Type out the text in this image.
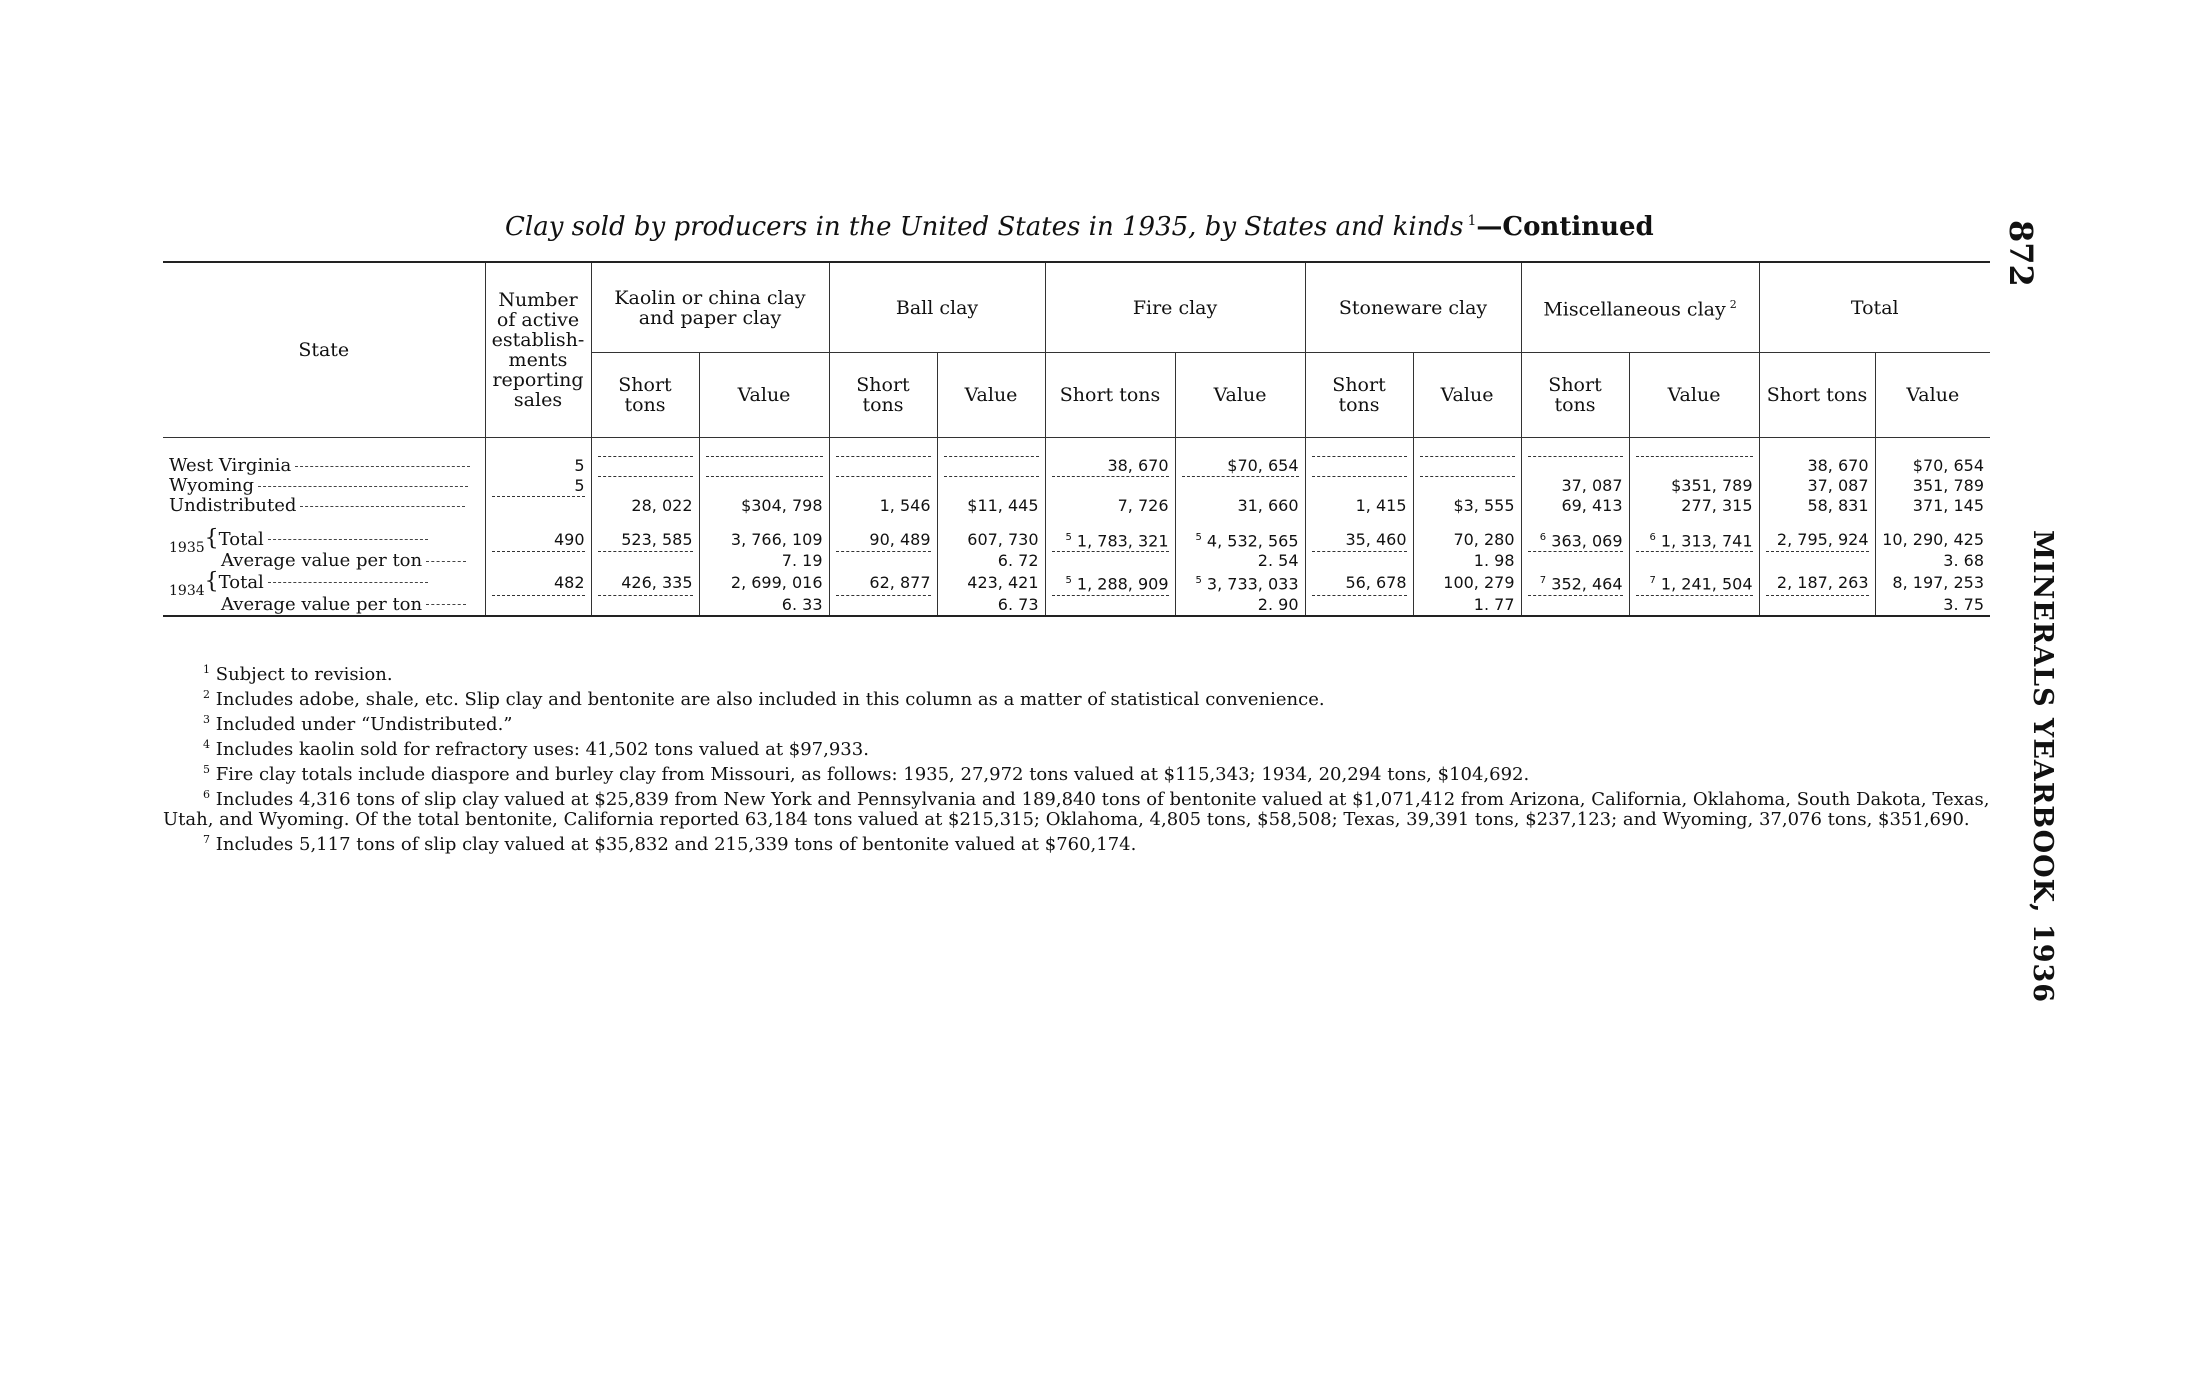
Clay sold by producers in the United States in 1935, by States and kinds $^1$—Continued	872
MINERALS YEARBOOK, 1936
State	Number of active establish-ments reporting sales	Kaolin or china clay and paper clay		Ball clay		Fire clay		Stoneware clay		Miscellaneous clay $^2$		Total	
		Short tons	Value	Short tons	Value	Short tons	Value	Short tons	Value	Short tons	Value	Short tons	Value
West Virginia	5					38, 670	$70, 654					38, 670	$70, 654
Wyoming	5									37, 087	$351, 789	37, 087	351, 789
Undistributed		28, 022	$304, 798	1, 546	$11, 445	7, 726	31, 660	1, 415	$3, 555	69, 413	277, 315	58, 831	371, 145

$_{1935}${Total	490	523, 585	3, 766, 109	90, 489	607, 730	$^5$ 1, 783, 321	$^5$ 4, 532, 565	35, 460	70, 280	$^6$ 363, 069	$^6$ 1, 313, 741	2, 795, 924	10, 290, 425
Average value per ton			7. 19		6. 72		2. 54		1. 98				3. 68
$_{1934}${Total	482	426, 335	2, 699, 016	62, 877	423, 421	$^5$ 1, 288, 909	$^5$ 3, 733, 033	56, 678	100, 279	$^7$ 352, 464	$^7$ 1, 241, 504	2, 187, 263	8, 197, 253
Average value per ton			6. 33		6. 73		2. 90		1. 77				3. 75

$^1$ Subject to revision.

$^2$ Includes adobe, shale, etc. Slip clay and bentonite are also included in this column as a matter of statistical convenience.

$^3$ Included under “Undistributed.”

$^4$ Includes kaolin sold for refractory uses: 41,502 tons valued at $97,933.

$^5$ Fire clay totals include diaspore and burley clay from Missouri, as follows: 1935, 27,972 tons valued at $115,343; 1934, 20,294 tons, $104,692.

$^6$ Includes 4,316 tons of slip clay valued at $25,839 from New York and Pennsylvania and 189,840 tons of bentonite valued at $1,071,412 from Arizona, California, Oklahoma, South Dakota, Texas, Utah, and Wyoming. Of the total bentonite, California reported 63,184 tons valued at $215,315; Oklahoma, 4,805 tons, $58,508; Texas, 39,391 tons, $237,123; and Wyoming, 37,076 tons, $351,690.

$^7$ Includes 5,117 tons of slip clay valued at $35,832 and 215,339 tons of bentonite valued at $760,174.
